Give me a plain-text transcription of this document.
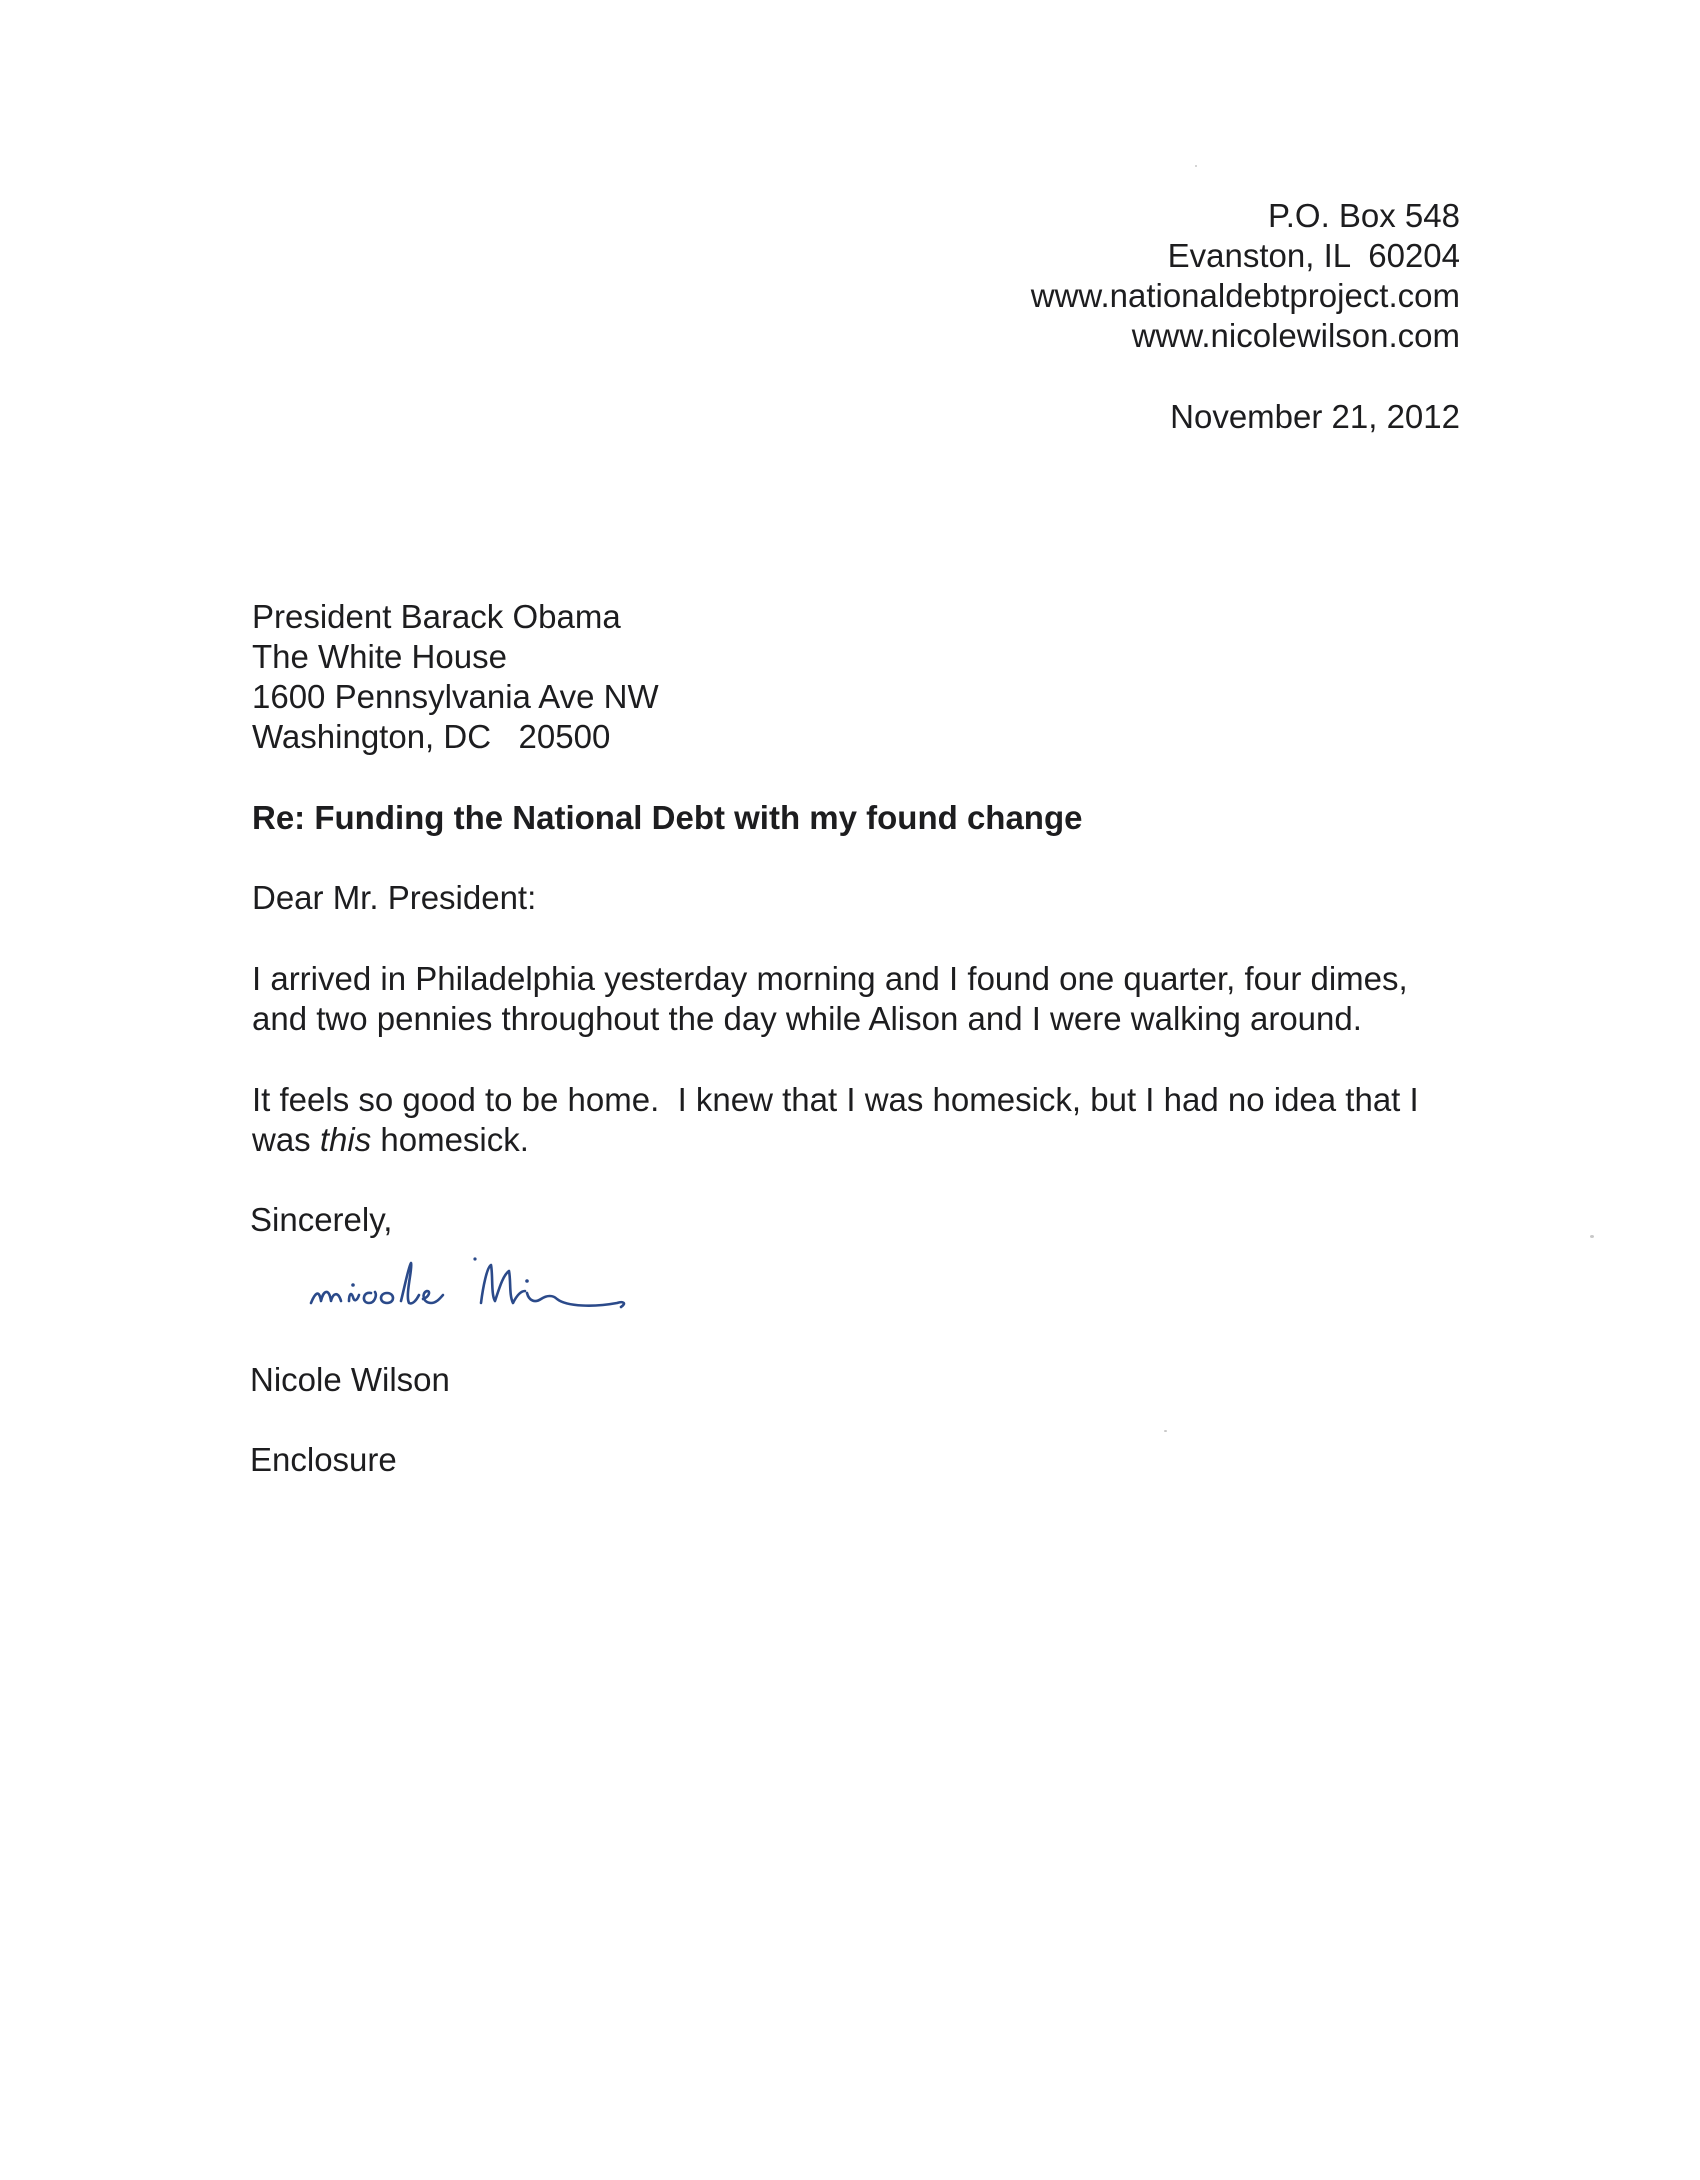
P.O. Box 548
Evanston, IL  60204
www.nationaldebtproject.com
www.nicolewilson.com
November 21, 2012
President Barack Obama
The White House
1600 Pennsylvania Ave NW
Washington, DC   20500
Re: Funding the National Debt with my found change
Dear Mr. President:
I arrived in Philadelphia yesterday morning and I found one quarter, four dimes,
and two pennies throughout the day while Alison and I were walking around.
It feels so good to be home.  I knew that I was homesick, but I had no idea that I
was this homesick.
Sincerely,
Nicole Wilson
Enclosure
